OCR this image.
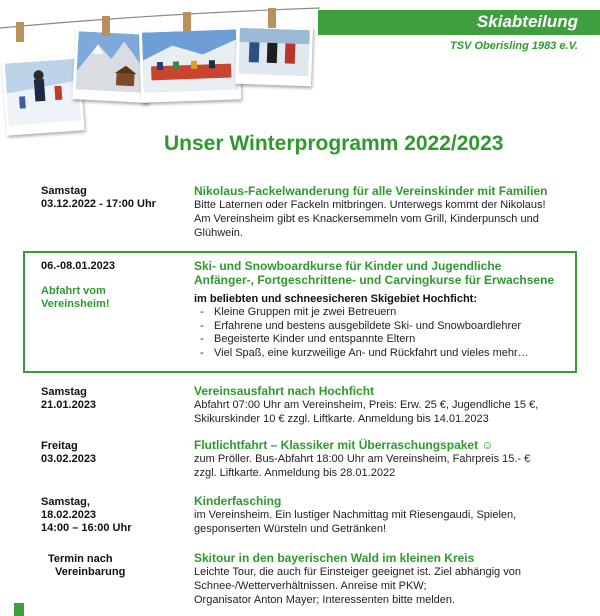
Skiabteilung
TSV Oberisling 1983 e.V.
Unser Winterprogramm 2022/2023
Samstag
03.12.2022 - 17:00 Uhr
Nikolaus-Fackelwanderung für alle Vereinskinder mit Familien
Bitte Laternen oder Fackeln mitbringen. Unterwegs kommt der Nikolaus!
Am Vereinsheim gibt es Knackersemmeln vom Grill, Kinderpunsch und
Glühwein.
06.-08.01.2023
Abfahrt vom
Vereinsheim!
Ski- und Snowboardkurse für Kinder und Jugendliche
Anfänger-, Fortgeschrittene- und Carvingkurse für Erwachsene
im beliebten und schneesicheren Skigebiet Hochficht:
- Kleine Gruppen mit je zwei Betreuern
- Erfahrene und bestens ausgebildete Ski- und Snowboardlehrer
- Begeisterte Kinder und entspannte Eltern
- Viel Spaß, eine kurzweilige An- und Rückfahrt und vieles mehr…
Samstag
21.01.2023
Vereinsausfahrt nach Hochficht
Abfahrt 07:00 Uhr am Vereinsheim, Preis: Erw. 25 €, Jugendliche 15 €,
Skikurskinder 10 € zzgl. Liftkarte. Anmeldung bis 14.01.2023
Freitag
03.02.2023
Flutlichtfahrt – Klassiker mit Überraschungspaket ☺
zum Pröller. Bus-Abfahrt 18:00 Uhr am Vereinsheim, Fahrpreis 15.- €
zzgl. Liftkarte. Anmeldung bis 28.01.2022
Samstag,
18.02.2023
14:00 – 16:00 Uhr
Kinderfasching
im Vereinsheim. Ein lustiger Nachmittag mit Riesengaudi, Spielen,
gesponserten Würsteln und Getränken!
Termin nach
Vereinbarung
Skitour in den bayerischen Wald im kleinen Kreis
Leichte Tour, die auch für Einsteiger geeignet ist. Ziel abhängig von
Schnee-/Wetterverhältnissen. Anreise mit PKW;
Organisator Anton Mayer; Interessenten bitte melden.
